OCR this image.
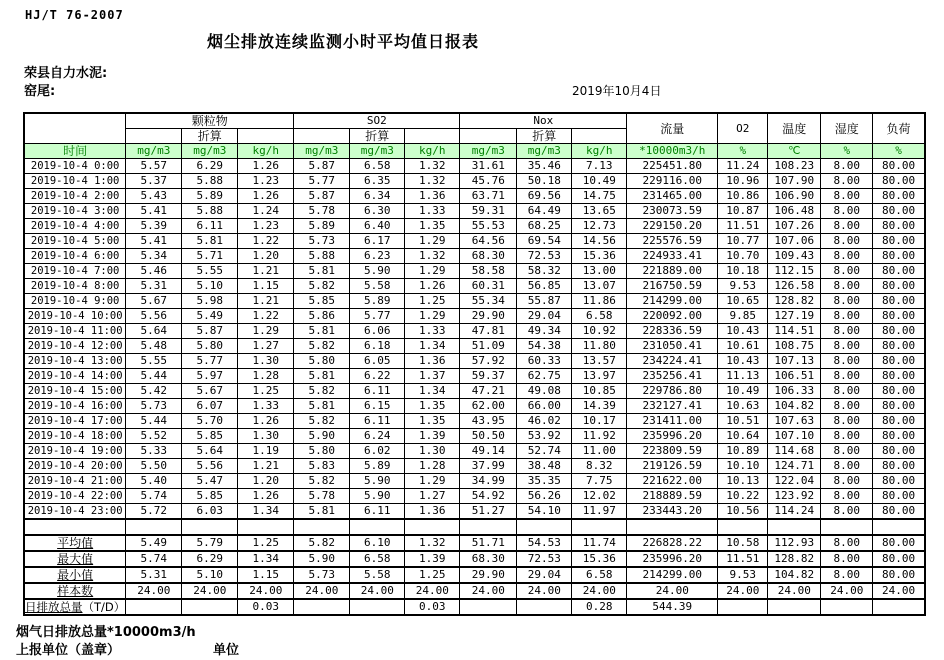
HJ/T 76-2007
烟尘排放连续监测小时平均值日报表
荣县自力水泥:
窑尾:	2019年10月4日
	颗粒物			SO2			Nox			流量	O2	温度	湿度	负荷
		折算			折算			折算						
时间	mg/m3	mg/m3	kg/h	mg/m3	mg/m3	kg/h	mg/m3	mg/m3	kg/h	*10000m3/h	%	℃	%	%
2019-10-4 0:00	5.57	6.29	1.26	5.87	6.58	1.32	31.61	35.46	7.13	225451.80	11.24	108.23	8.00	80.00
2019-10-4 1:00	5.37	5.88	1.23	5.77	6.35	1.32	45.76	50.18	10.49	229116.00	10.96	107.90	8.00	80.00
2019-10-4 2:00	5.43	5.89	1.26	5.87	6.34	1.36	63.71	69.56	14.75	231465.00	10.86	106.90	8.00	80.00
2019-10-4 3:00	5.41	5.88	1.24	5.78	6.30	1.33	59.31	64.49	13.65	230073.59	10.87	106.48	8.00	80.00
2019-10-4 4:00	5.39	6.11	1.23	5.89	6.40	1.35	55.53	68.25	12.73	229150.20	11.51	107.26	8.00	80.00
2019-10-4 5:00	5.41	5.81	1.22	5.73	6.17	1.29	64.56	69.54	14.56	225576.59	10.77	107.06	8.00	80.00
2019-10-4 6:00	5.34	5.71	1.20	5.88	6.23	1.32	68.30	72.53	15.36	224933.41	10.70	109.43	8.00	80.00
2019-10-4 7:00	5.46	5.55	1.21	5.81	5.90	1.29	58.58	58.32	13.00	221889.00	10.18	112.15	8.00	80.00
2019-10-4 8:00	5.31	5.10	1.15	5.82	5.58	1.26	60.31	56.85	13.07	216750.59	9.53	126.58	8.00	80.00
2019-10-4 9:00	5.67	5.98	1.21	5.85	5.89	1.25	55.34	55.87	11.86	214299.00	10.65	128.82	8.00	80.00
2019-10-4 10:00	5.56	5.49	1.22	5.86	5.77	1.29	29.90	29.04	6.58	220092.00	9.85	127.19	8.00	80.00
2019-10-4 11:00	5.64	5.87	1.29	5.81	6.06	1.33	47.81	49.34	10.92	228336.59	10.43	114.51	8.00	80.00
2019-10-4 12:00	5.48	5.80	1.27	5.82	6.18	1.34	51.09	54.38	11.80	231050.41	10.61	108.75	8.00	80.00
2019-10-4 13:00	5.55	5.77	1.30	5.80	6.05	1.36	57.92	60.33	13.57	234224.41	10.43	107.13	8.00	80.00
2019-10-4 14:00	5.44	5.97	1.28	5.81	6.22	1.37	59.37	62.75	13.97	235256.41	11.13	106.51	8.00	80.00
2019-10-4 15:00	5.42	5.67	1.25	5.82	6.11	1.34	47.21	49.08	10.85	229786.80	10.49	106.33	8.00	80.00
2019-10-4 16:00	5.73	6.07	1.33	5.81	6.15	1.35	62.00	66.00	14.39	232127.41	10.63	104.82	8.00	80.00
2019-10-4 17:00	5.44	5.70	1.26	5.82	6.11	1.35	43.95	46.02	10.17	231411.00	10.51	107.63	8.00	80.00
2019-10-4 18:00	5.52	5.85	1.30	5.90	6.24	1.39	50.50	53.92	11.92	235996.20	10.64	107.10	8.00	80.00
2019-10-4 19:00	5.33	5.64	1.19	5.80	6.02	1.30	49.14	52.74	11.00	223809.59	10.89	114.68	8.00	80.00
2019-10-4 20:00	5.50	5.56	1.21	5.83	5.89	1.28	37.99	38.48	8.32	219126.59	10.10	124.71	8.00	80.00
2019-10-4 21:00	5.40	5.47	1.20	5.82	5.90	1.29	34.99	35.35	7.75	221622.00	10.13	122.04	8.00	80.00
2019-10-4 22:00	5.74	5.85	1.26	5.78	5.90	1.27	54.92	56.26	12.02	218889.59	10.22	123.92	8.00	80.00
2019-10-4 23:00	5.72	6.03	1.34	5.81	6.11	1.36	51.27	54.10	11.97	233443.20	10.56	114.24	8.00	80.00

平均值	5.49	5.79	1.25	5.82	6.10	1.32	51.71	54.53	11.74	226828.22	10.58	112.93	8.00	80.00
最大值	5.74	6.29	1.34	5.90	6.58	1.39	68.30	72.53	15.36	235996.20	11.51	128.82	8.00	80.00
最小值	5.31	5.10	1.15	5.73	5.58	1.25	29.90	29.04	6.58	214299.00	9.53	104.82	8.00	80.00
样本数	24.00	24.00	24.00	24.00	24.00	24.00	24.00	24.00	24.00	24.00	24.00	24.00	24.00	24.00
日排放总量（T/D）			0.03			0.03			0.28	544.39				
烟气日排放总量*10000m3/h
上报单位（盖章）	单位
